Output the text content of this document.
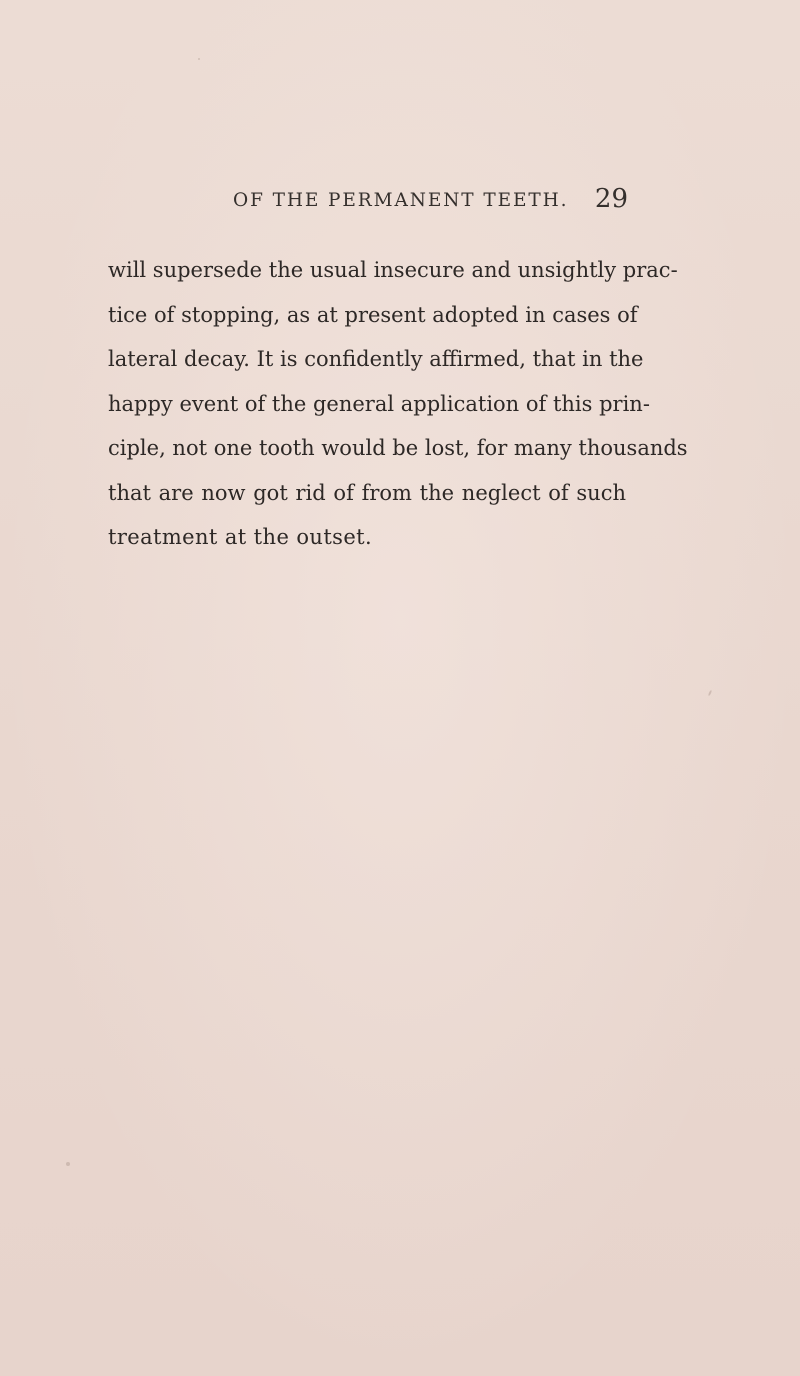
OF THE PERMANENT TEETH. 29
will supersede the usual insecure and unsightly prac-
tice of stopping, as at present adopted in cases of
lateral decay. It is confidently affirmed, that in the
happy event of the general application of this prin-
ciple, not one tooth would be lost, for many thousands
that are now got rid of from the neglect of such
treatment at the outset.
